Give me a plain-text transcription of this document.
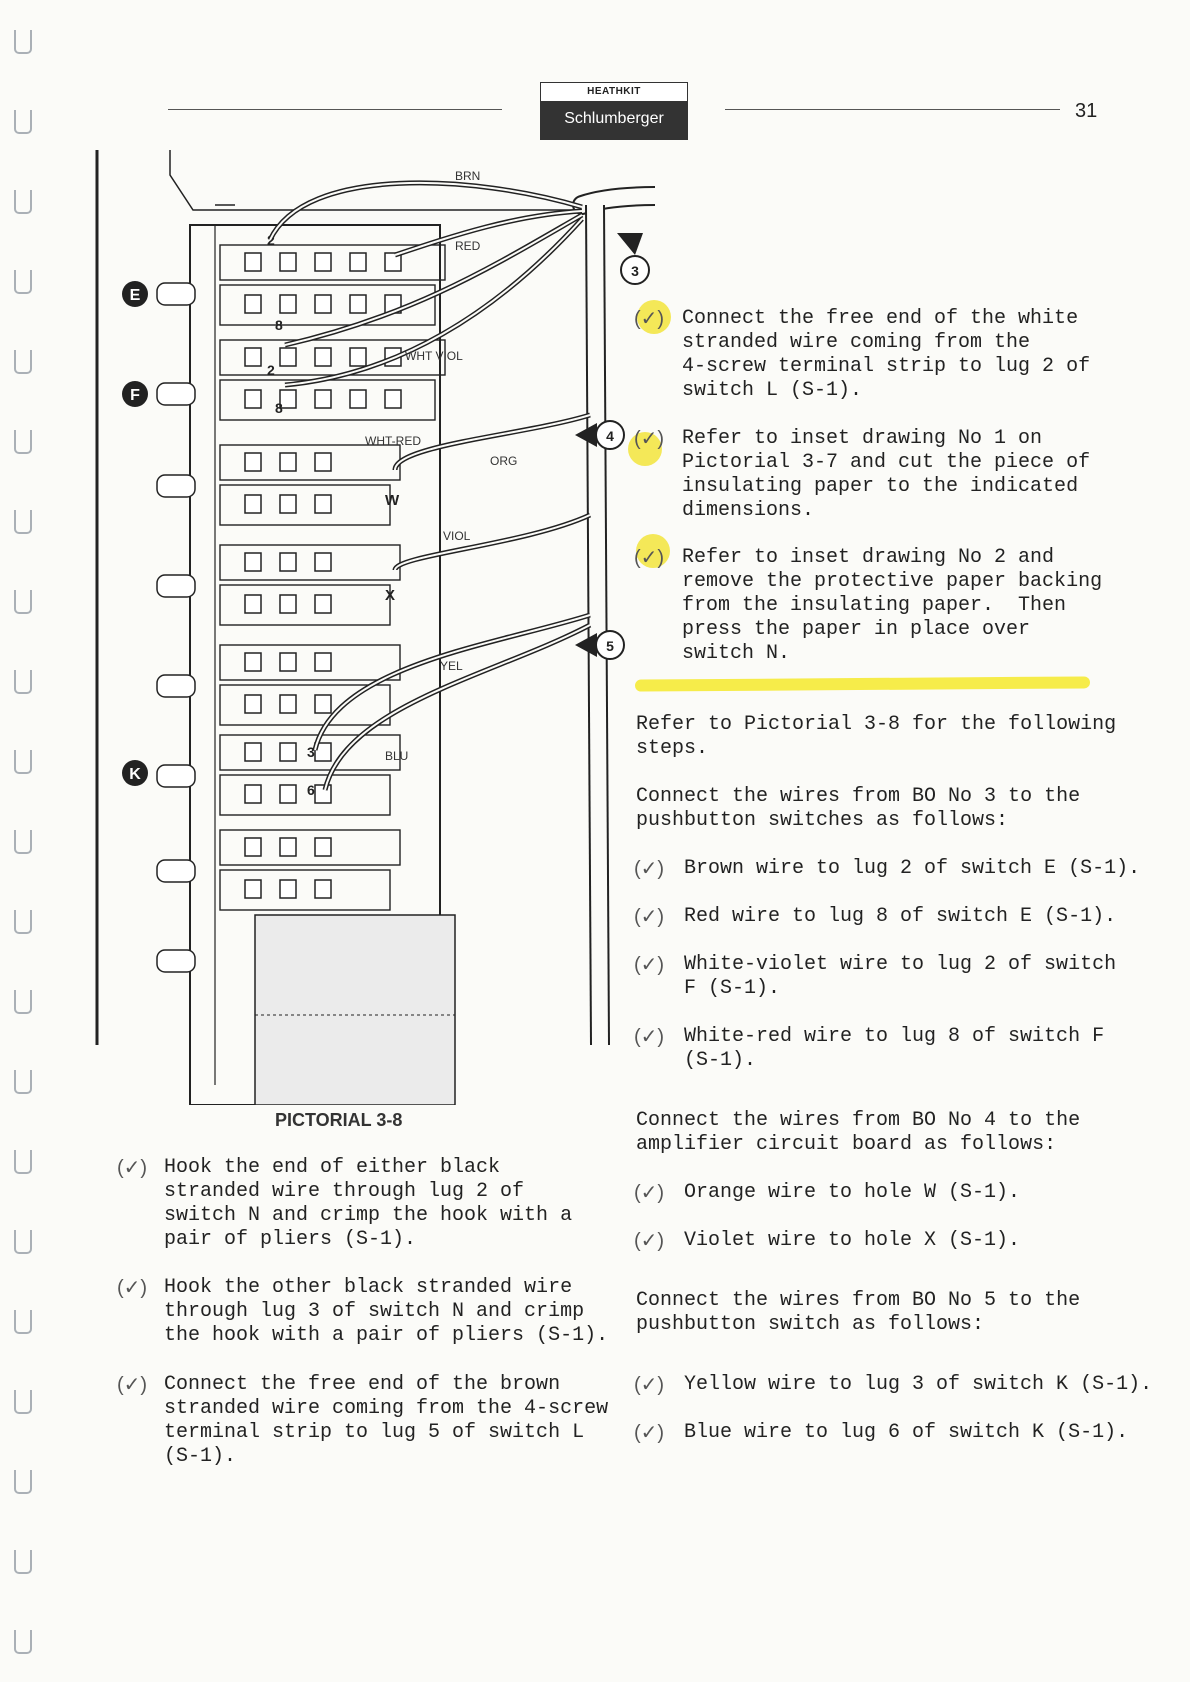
HEATHKIT
Schlumberger	31
E
F
K
2
8
2
8
3
6
BRN
RED
WHT VIOL
WHT-RED
ORG
VIOL
YEL
BLU
W
X
3
4
5
PICTORIAL 3-8
(✓) Connect the free end of the white
stranded wire coming from the
4-screw terminal strip to lug 2 of
switch L (S-1).
(✓) Refer to inset drawing No 1 on
Pictorial 3-7 and cut the piece of
insulating paper to the indicated
dimensions.
(✓) Refer to inset drawing No 2 and
remove the protective paper backing
from the insulating paper.  Then
press the paper in place over
switch N.
Refer to Pictorial 3-8 for the following
steps.
Connect the wires from BO No 3 to the
pushbutton switches as follows:
(✓) Brown wire to lug 2 of switch E (S-1).
(✓) Red wire to lug 8 of switch E (S-1).
(✓) White-violet wire to lug 2 of switch
F (S-1).
(✓) White-red wire to lug 8 of switch F
(S-1).
Connect the wires from BO No 4 to the
amplifier circuit board as follows:
(✓) Orange wire to hole W (S-1).
(✓) Violet wire to hole X (S-1).
Connect the wires from BO No 5 to the
pushbutton switch as follows:
(✓) Yellow wire to lug 3 of switch K (S-1).
(✓) Blue wire to lug 6 of switch K (S-1).
(✓) Hook the end of either black
stranded wire through lug 2 of
switch N and crimp the hook with a
pair of pliers (S-1).
(✓) Hook the other black stranded wire
through lug 3 of switch N and crimp
the hook with a pair of pliers (S-1).
(✓) Connect the free end of the brown
stranded wire coming from the 4-screw
terminal strip to lug 5 of switch L
(S-1).
